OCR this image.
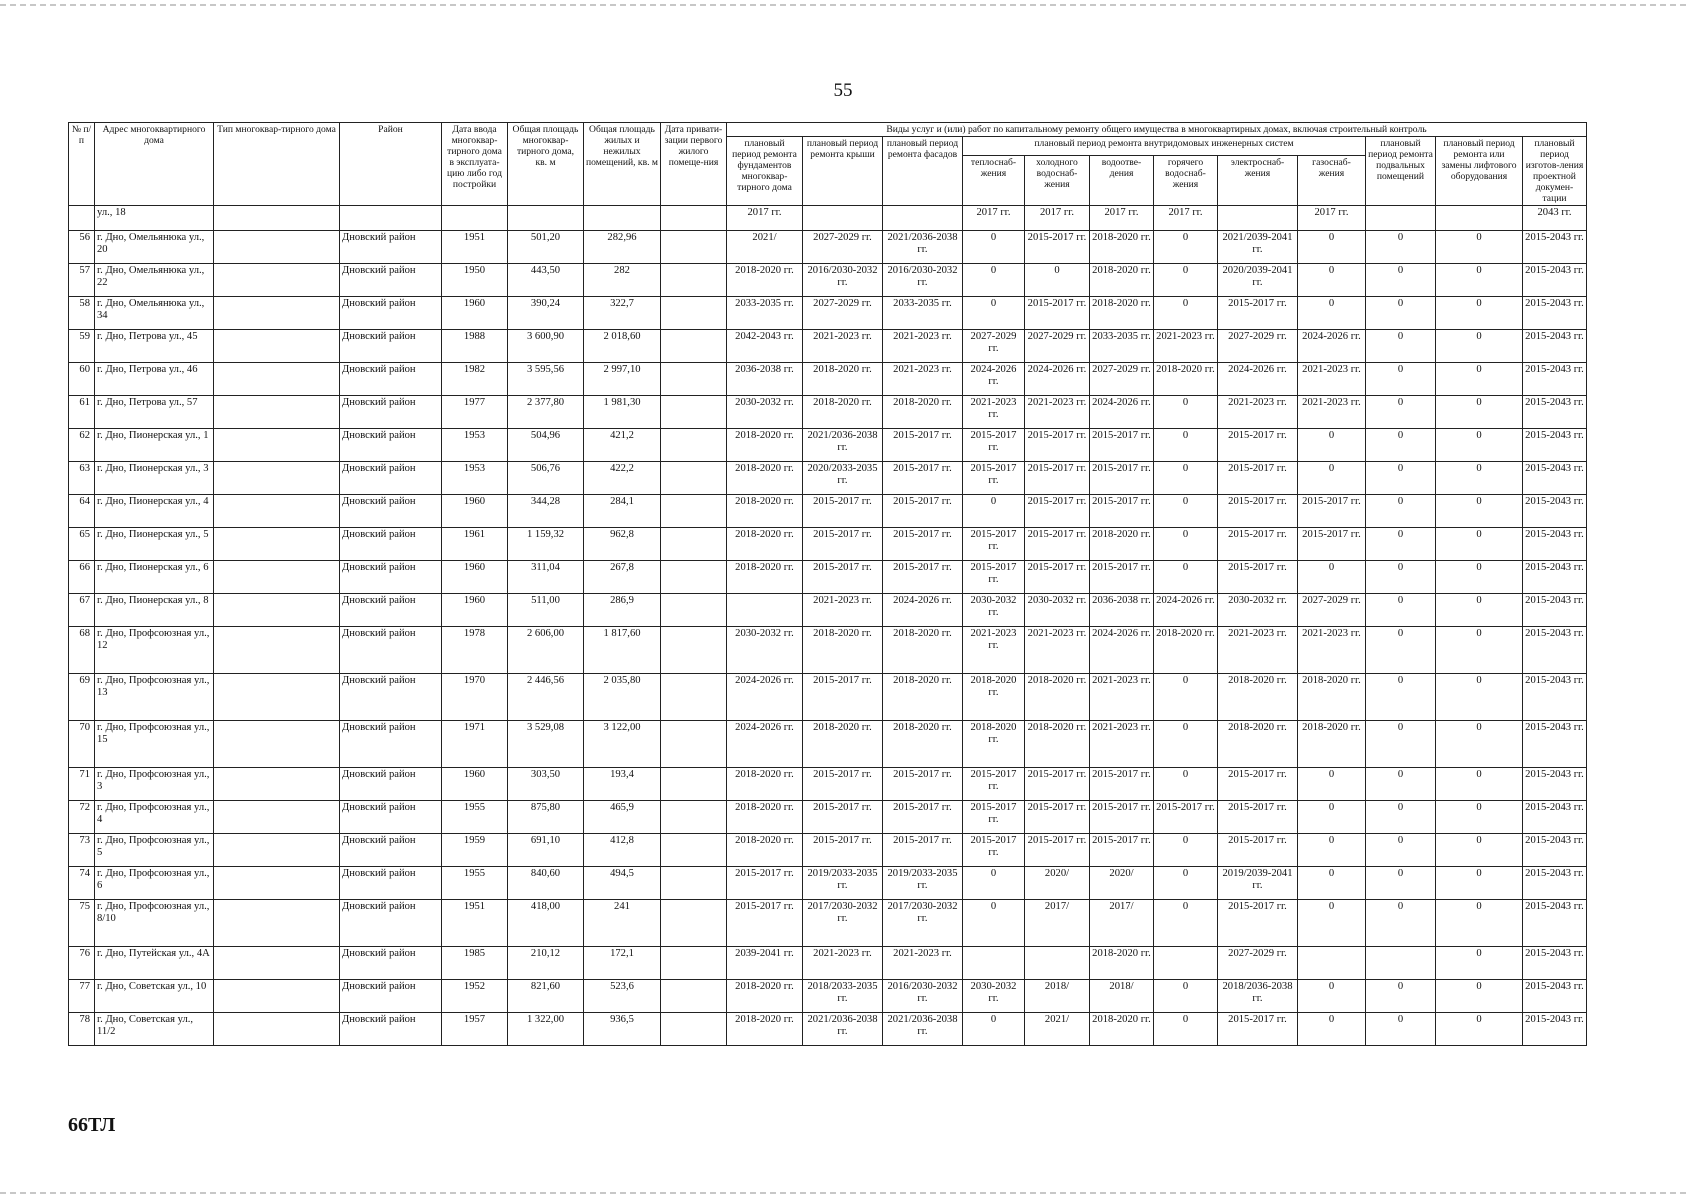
55
№ п/п	Адрес многоквартирного дома	Тип многоквар-тирного дома	Район	Дата ввода многоквар-тирного дома в эксплуата-цию либо год постройки	Общая площадь многоквар-тирного дома, кв. м	Общая площадь жилых и нежилых помещений, кв. м	Дата привати-зации первого жилого помеще-ния	Виды услуг и (или) работ по капитальному ремонту общего имущества в многоквартирных домах, включая строительный контроль											
								плановый период ремонта фундаментов многоквар-тирного дома	плановый период ремонта крыши	плановый период ремонта фасадов	плановый период ремонта внутридомовых инженерных систем						плановый период ремонта подвальных помещений	плановый период ремонта или замены лифтового оборудования	плановый период изготов-ления проектной докумен-тации
											теплоснаб-жения	холодного водоснаб-жения	водоотве-дения	горячего водоснаб-жения	электроснаб-жения	газоснаб-жения			
	ул., 18							2017 гг.			2017 гг.	2017 гг.	2017 гг.	2017 гг.		2017 гг.			2043 гг.
56	г. Дно, Омельянюка ул., 20		Дновский район	1951	501,20	282,96		2021/	2027-2029 гг.	2021/2036-2038 гг.	0	2015-2017 гг.	2018-2020 гг.	0	2021/2039-2041 гг.	0	0	0	2015-2043 гг.
57	г. Дно, Омельянюка ул., 22		Дновский район	1950	443,50	282		2018-2020 гг.	2016/2030-2032 гг.	2016/2030-2032 гг.	0	0	2018-2020 гг.	0	2020/2039-2041 гг.	0	0	0	2015-2043 гг.
58	г. Дно, Омельянюка ул., 34		Дновский район	1960	390,24	322,7		2033-2035 гг.	2027-2029 гг.	2033-2035 гг.	0	2015-2017 гг.	2018-2020 гг.	0	2015-2017 гг.	0	0	0	2015-2043 гг.
59	г. Дно, Петрова ул., 45		Дновский район	1988	3 600,90	2 018,60		2042-2043 гг.	2021-2023 гг.	2021-2023 гг.	2027-2029 гг.	2027-2029 гг.	2033-2035 гг.	2021-2023 гг.	2027-2029 гг.	2024-2026 гг.	0	0	2015-2043 гг.
60	г. Дно, Петрова ул., 46		Дновский район	1982	3 595,56	2 997,10		2036-2038 гг.	2018-2020 гг.	2021-2023 гг.	2024-2026 гг.	2024-2026 гг.	2027-2029 гг.	2018-2020 гг.	2024-2026 гг.	2021-2023 гг.	0	0	2015-2043 гг.
61	г. Дно, Петрова ул., 57		Дновский район	1977	2 377,80	1 981,30		2030-2032 гг.	2018-2020 гг.	2018-2020 гг.	2021-2023 гг.	2021-2023 гг.	2024-2026 гг.	0	2021-2023 гг.	2021-2023 гг.	0	0	2015-2043 гг.
62	г. Дно, Пионерская ул., 1		Дновский район	1953	504,96	421,2		2018-2020 гг.	2021/2036-2038 гг.	2015-2017 гг.	2015-2017 гг.	2015-2017 гг.	2015-2017 гг.	0	2015-2017 гг.	0	0	0	2015-2043 гг.
63	г. Дно, Пионерская ул., 3		Дновский район	1953	506,76	422,2		2018-2020 гг.	2020/2033-2035 гг.	2015-2017 гг.	2015-2017 гг.	2015-2017 гг.	2015-2017 гг.	0	2015-2017 гг.	0	0	0	2015-2043 гг.
64	г. Дно, Пионерская ул., 4		Дновский район	1960	344,28	284,1		2018-2020 гг.	2015-2017 гг.	2015-2017 гг.	0	2015-2017 гг.	2015-2017 гг.	0	2015-2017 гг.	2015-2017 гг.	0	0	2015-2043 гг.
65	г. Дно, Пионерская ул., 5		Дновский район	1961	1 159,32	962,8		2018-2020 гг.	2015-2017 гг.	2015-2017 гг.	2015-2017 гг.	2015-2017 гг.	2018-2020 гг.	0	2015-2017 гг.	2015-2017 гг.	0	0	2015-2043 гг.
66	г. Дно, Пионерская ул., 6		Дновский район	1960	311,04	267,8		2018-2020 гг.	2015-2017 гг.	2015-2017 гг.	2015-2017 гг.	2015-2017 гг.	2015-2017 гг.	0	2015-2017 гг.	0	0	0	2015-2043 гг.
67	г. Дно, Пионерская ул., 8		Дновский район	1960	511,00	286,9			2021-2023 гг.	2024-2026 гг.	2030-2032 гг.	2030-2032 гг.	2036-2038 гг.	2024-2026 гг.	2030-2032 гг.	2027-2029 гг.	0	0	2015-2043 гг.
68	г. Дно, Профсоюзная ул., 12		Дновский район	1978	2 606,00	1 817,60		2030-2032 гг.	2018-2020 гг.	2018-2020 гг.	2021-2023 гг.	2021-2023 гг.	2024-2026 гг.	2018-2020 гг.	2021-2023 гг.	2021-2023 гг.	0	0	2015-2043 гг.
69	г. Дно, Профсоюзная ул., 13		Дновский район	1970	2 446,56	2 035,80		2024-2026 гг.	2015-2017 гг.	2018-2020 гг.	2018-2020 гг.	2018-2020 гг.	2021-2023 гг.	0	2018-2020 гг.	2018-2020 гг.	0	0	2015-2043 гг.
70	г. Дно, Профсоюзная ул., 15		Дновский район	1971	3 529,08	3 122,00		2024-2026 гг.	2018-2020 гг.	2018-2020 гг.	2018-2020 гг.	2018-2020 гг.	2021-2023 гг.	0	2018-2020 гг.	2018-2020 гг.	0	0	2015-2043 гг.
71	г. Дно, Профсоюзная ул., 3		Дновский район	1960	303,50	193,4		2018-2020 гг.	2015-2017 гг.	2015-2017 гг.	2015-2017 гг.	2015-2017 гг.	2015-2017 гг.	0	2015-2017 гг.	0	0	0	2015-2043 гг.
72	г. Дно, Профсоюзная ул., 4		Дновский район	1955	875,80	465,9		2018-2020 гг.	2015-2017 гг.	2015-2017 гг.	2015-2017 гг.	2015-2017 гг.	2015-2017 гг.	2015-2017 гг.	2015-2017 гг.	0	0	0	2015-2043 гг.
73	г. Дно, Профсоюзная ул., 5		Дновский район	1959	691,10	412,8		2018-2020 гг.	2015-2017 гг.	2015-2017 гг.	2015-2017 гг.	2015-2017 гг.	2015-2017 гг.	0	2015-2017 гг.	0	0	0	2015-2043 гг.
74	г. Дно, Профсоюзная ул., 6		Дновский район	1955	840,60	494,5		2015-2017 гг.	2019/2033-2035 гг.	2019/2033-2035 гг.	0	2020/	2020/	0	2019/2039-2041 гг.	0	0	0	2015-2043 гг.
75	г. Дно, Профсоюзная ул., 8/10		Дновский район	1951	418,00	241		2015-2017 гг.	2017/2030-2032 гг.	2017/2030-2032 гг.	0	2017/	2017/	0	2015-2017 гг.	0	0	0	2015-2043 гг.
76	г. Дно, Путейская ул., 4А		Дновский район	1985	210,12	172,1		2039-2041 гг.	2021-2023 гг.	2021-2023 гг.			2018-2020 гг.		2027-2029 гг.			0	2015-2043 гг.
77	г. Дно, Советская ул., 10		Дновский район	1952	821,60	523,6		2018-2020 гг.	2018/2033-2035 гг.	2016/2030-2032 гг.	2030-2032 гг.	2018/	2018/	0	2018/2036-2038 гг.	0	0	0	2015-2043 гг.
78	г. Дно, Советская ул., 11/2		Дновский район	1957	1 322,00	936,5		2018-2020 гг.	2021/2036-2038 гг.	2021/2036-2038 гг.	0	2021/	2018-2020 гг.	0	2015-2017 гг.	0	0	0	2015-2043 гг.
66ТЛ
